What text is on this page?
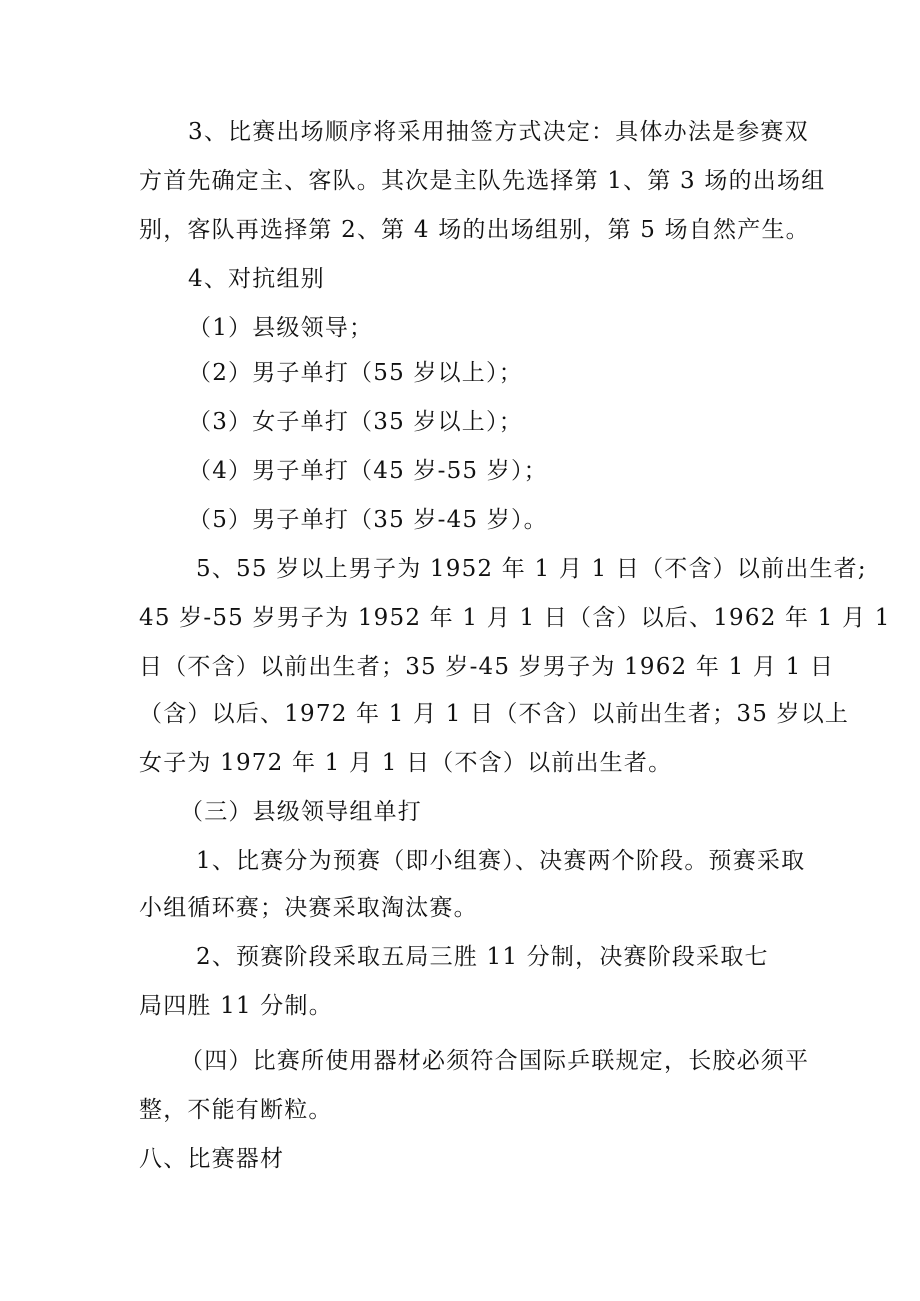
3、比赛出场顺序将采用抽签方式决定：具体办法是参赛双
方首先确定主、客队。其次是主队先选择第 1、第 3 场的出场组
别，客队再选择第 2、第 4 场的出场组别，第 5 场自然产生。
4、对抗组别
（1）县级领导；
（2）男子单打（55 岁以上）；
（3）女子单打（35 岁以上）；
（4）男子单打（45 岁-55 岁）；
（5）男子单打（35 岁-45 岁）。
5、55 岁以上男子为 1952 年 1 月 1 日（不含）以前出生者;
45 岁-55 岁男子为 1952 年 1 月 1 日（含）以后、1962 年 1 月 1
日（不含）以前出生者；35 岁-45 岁男子为 1962 年 1 月 1 日
（含）以后、1972 年 1 月 1 日（不含）以前出生者；35 岁以上
女子为 1972 年 1 月 1 日（不含）以前出生者。
（三）县级领导组单打
1、比赛分为预赛（即小组赛）、决赛两个阶段。预赛采取
小组循环赛；决赛采取淘汰赛。
2、预赛阶段采取五局三胜 11 分制，决赛阶段采取七
局四胜 11 分制。
（四）比赛所使用器材必须符合国际乒联规定，长胶必须平
整，不能有断粒。
八、比赛器材
